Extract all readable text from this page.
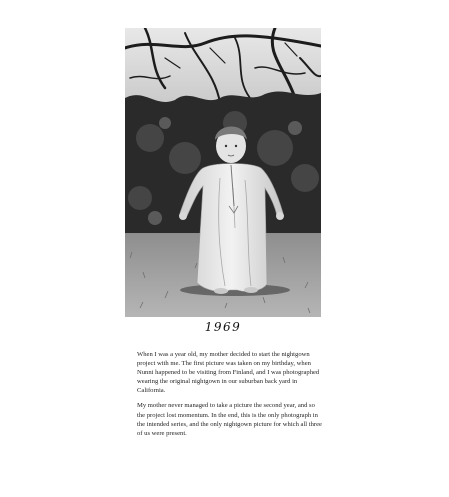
1969

When I was a year old, my mother decided to start the nightgown project with me. The first picture was taken on my birthday, when Nunni happened to be visiting from Finland, and I was photographed wearing the original nightgown in our suburban back yard in California.

My mother never managed to take a picture the second year, and so the project lost momentum. In the end, this is the only photograph in the intended series, and the only nightgown picture for which all three of us were present.
